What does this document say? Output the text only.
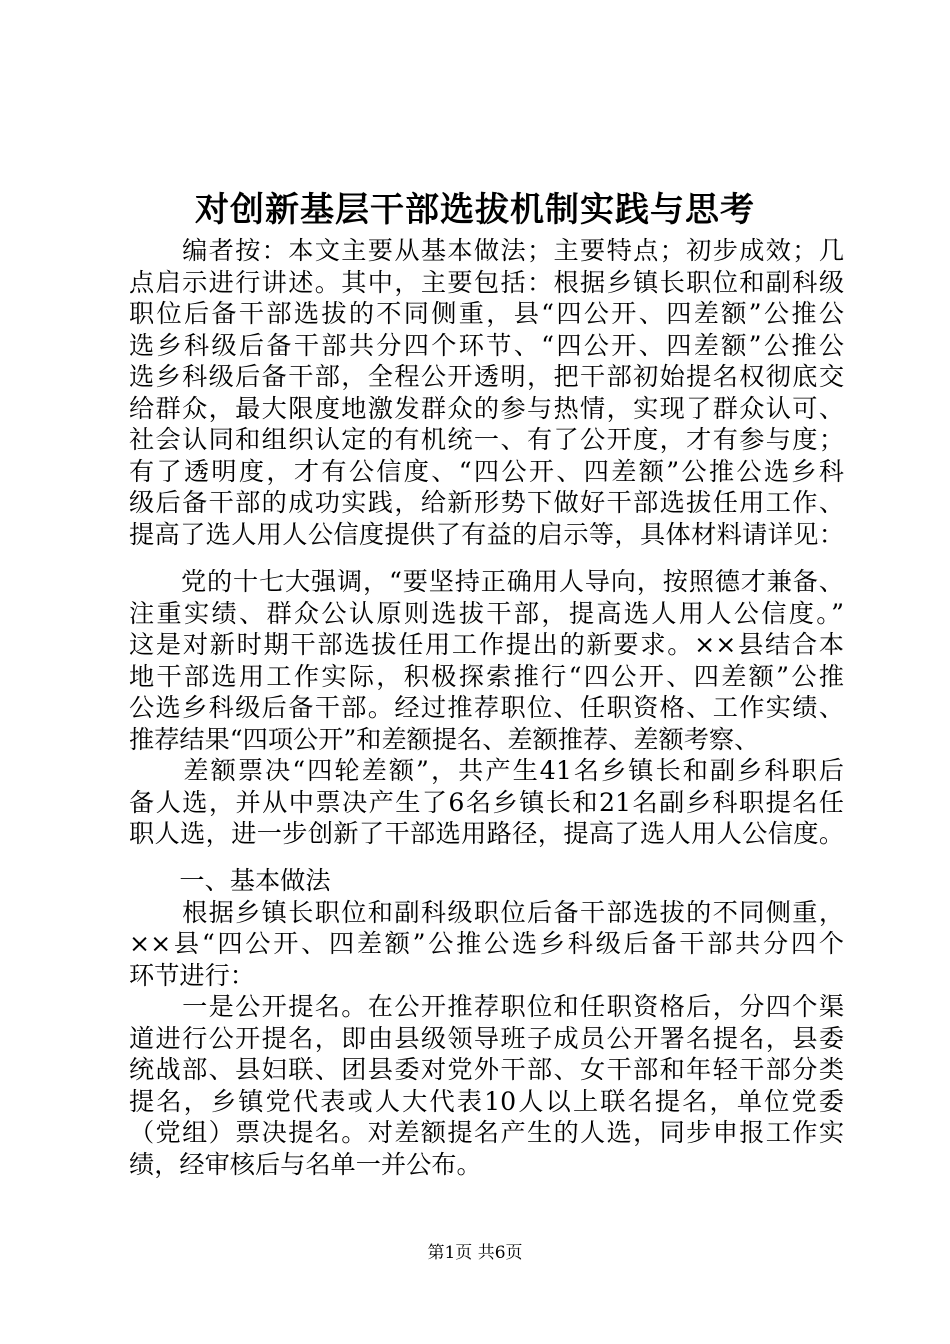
对创新基层干部选拔机制实践与思考
　　编者按：本文主要从基本做法；主要特点；初步成效；几
点启示进行讲述。其中，主要包括：根据乡镇长职位和副科级
职位后备干部选拔的不同侧重，县“四公开、四差额”公推公
选乡科级后备干部共分四个环节、“四公开、四差额”公推公
选乡科级后备干部，全程公开透明，把干部初始提名权彻底交
给群众，最大限度地激发群众的参与热情，实现了群众认可、
社会认同和组织认定的有机统一、有了公开度，才有参与度；
有了透明度，才有公信度、“四公开、四差额”公推公选乡科
级后备干部的成功实践，给新形势下做好干部选拔任用工作、
提高了选人用人公信度提供了有益的启示等，具体材料请详见：
　　党的十七大强调，“要坚持正确用人导向，按照德才兼备、
注重实绩、群众公认原则选拔干部，提高选人用人公信度。”
这是对新时期干部选拔任用工作提出的新要求。××县结合本
地干部选用工作实际，积极探索推行“四公开、四差额”公推
公选乡科级后备干部。经过推荐职位、任职资格、工作实绩、
推荐结果“四项公开”和差额提名、差额推荐、差额考察、
　　差额票决“四轮差额”，共产生41名乡镇长和副乡科职后
备人选，并从中票决产生了6名乡镇长和21名副乡科职提名任
职人选，进一步创新了干部选用路径，提高了选人用人公信度。
　　一、基本做法
　　根据乡镇长职位和副科级职位后备干部选拔的不同侧重，
××县“四公开、四差额”公推公选乡科级后备干部共分四个
环节进行：
　　一是公开提名。在公开推荐职位和任职资格后，分四个渠
道进行公开提名，即由县级领导班子成员公开署名提名，县委
统战部、县妇联、团县委对党外干部、女干部和年轻干部分类
提名，乡镇党代表或人大代表10人以上联名提名，单位党委
（党组）票决提名。对差额提名产生的人选，同步申报工作实
绩，经审核后与名单一并公布。
第1页 共6页
